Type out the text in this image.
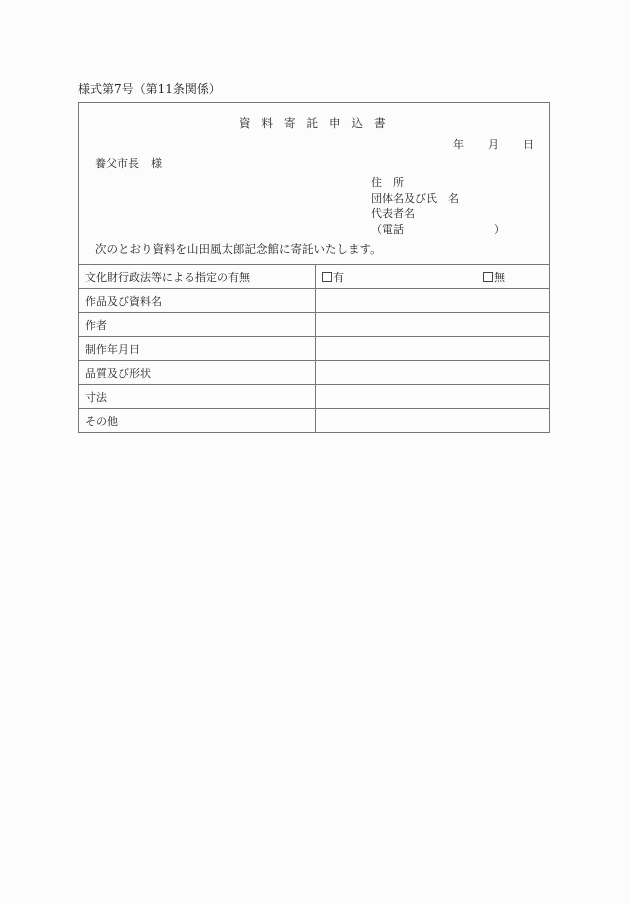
様式第7号（第11条関係）
資 料 寄 託 申 込 書
年 月 日
養父市長 様
住　所
団体名及び氏　名
代表者名
（電話	）
次のとおり資料を山田風太郎記念館に寄託いたします。
文化財行政法等による指定の有無	有 無

作品及び資料名	
作者	
制作年月日	
品質及び形状	
寸法	
その他	
